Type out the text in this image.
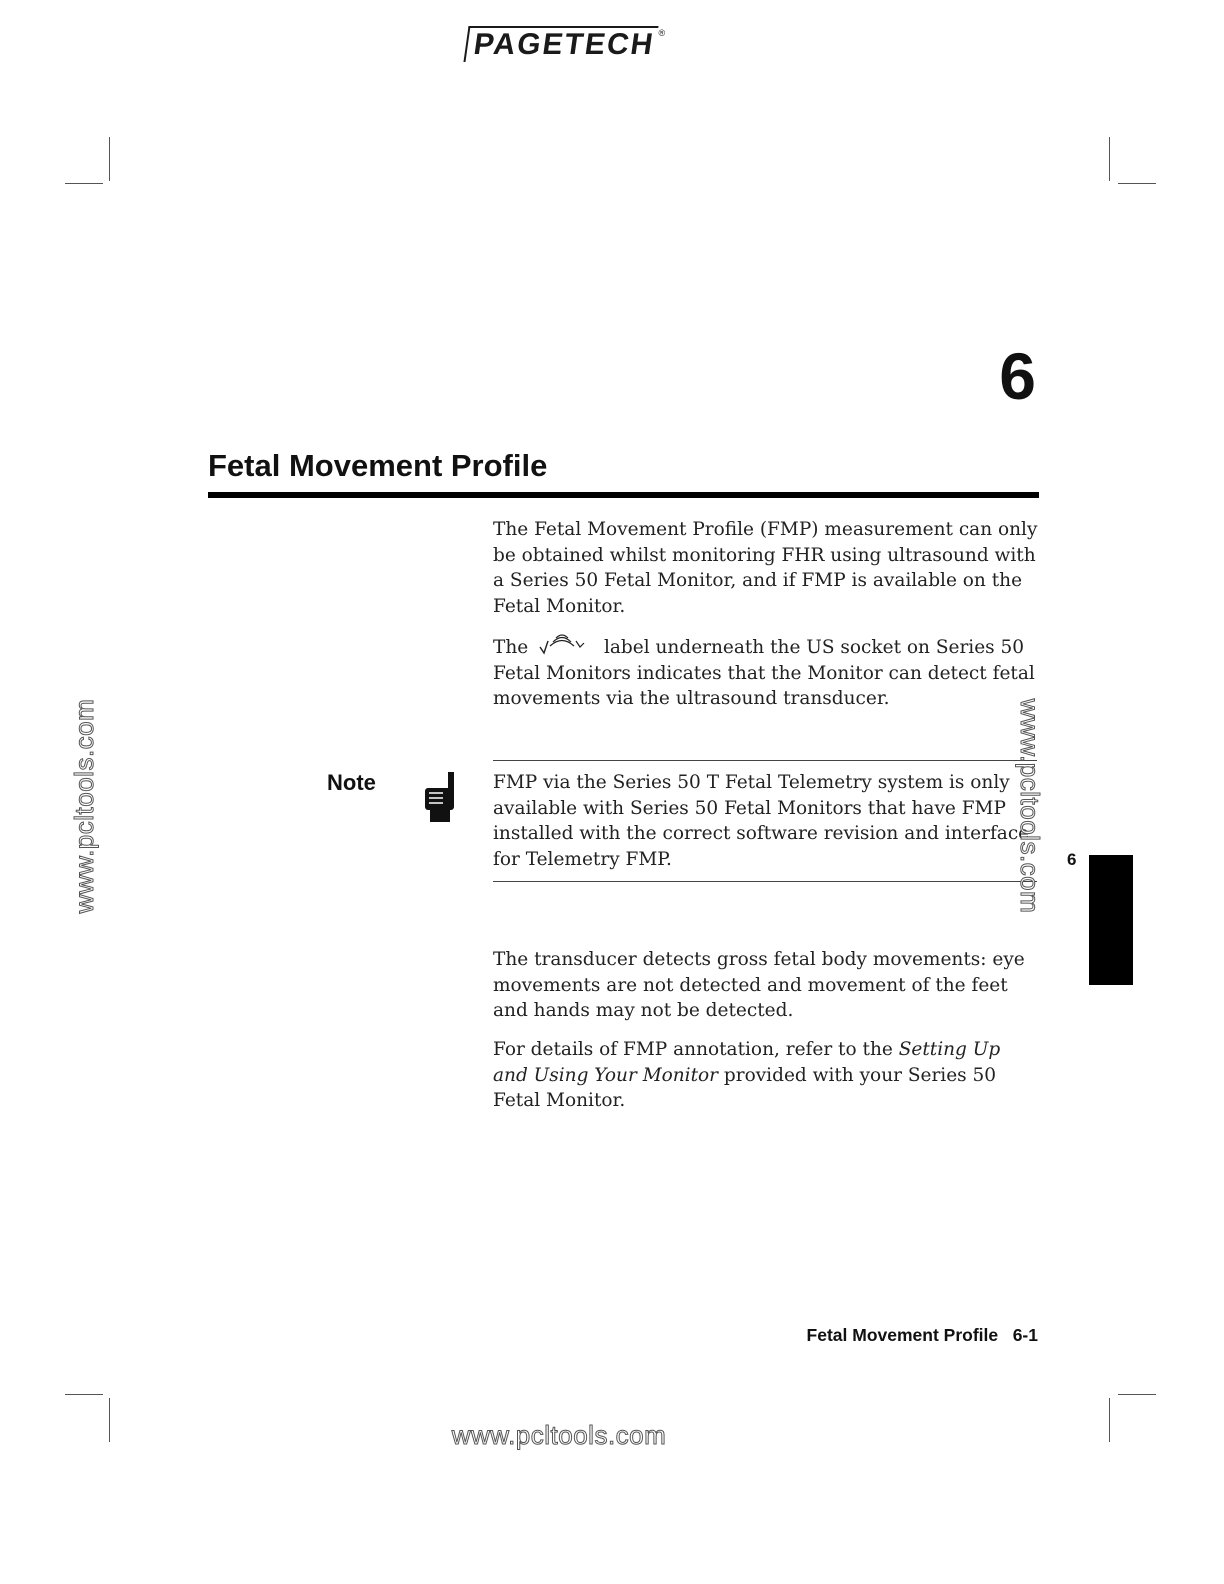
PAGETECH ®
6
Fetal Movement Profile
The Fetal Movement Profile (FMP) measurement can only be obtained whilst monitoring FHR using ultrasound with a Series 50 Fetal Monitor, and if FMP is available on the Fetal Monitor.
The	label underneath the US socket on Series 50 Fetal Monitors indicates that the Monitor can detect fetal movements via the ultrasound transducer.
Note	FMP via the Series 50 T Fetal Telemetry system is only available with Series 50 Fetal Monitors that have FMP installed with the correct software revision and interface for Telemetry FMP.
The transducer detects gross fetal body movements: eye movements are not detected and movement of the feet and hands may not be detected.
For details of FMP annotation, refer to the Setting Up and Using Your Monitor provided with your Series 50 Fetal Monitor.
6
Fetal Movement Profile   6-1
www.pcltools.com	www.pcltools.com
www.pcltools.com
